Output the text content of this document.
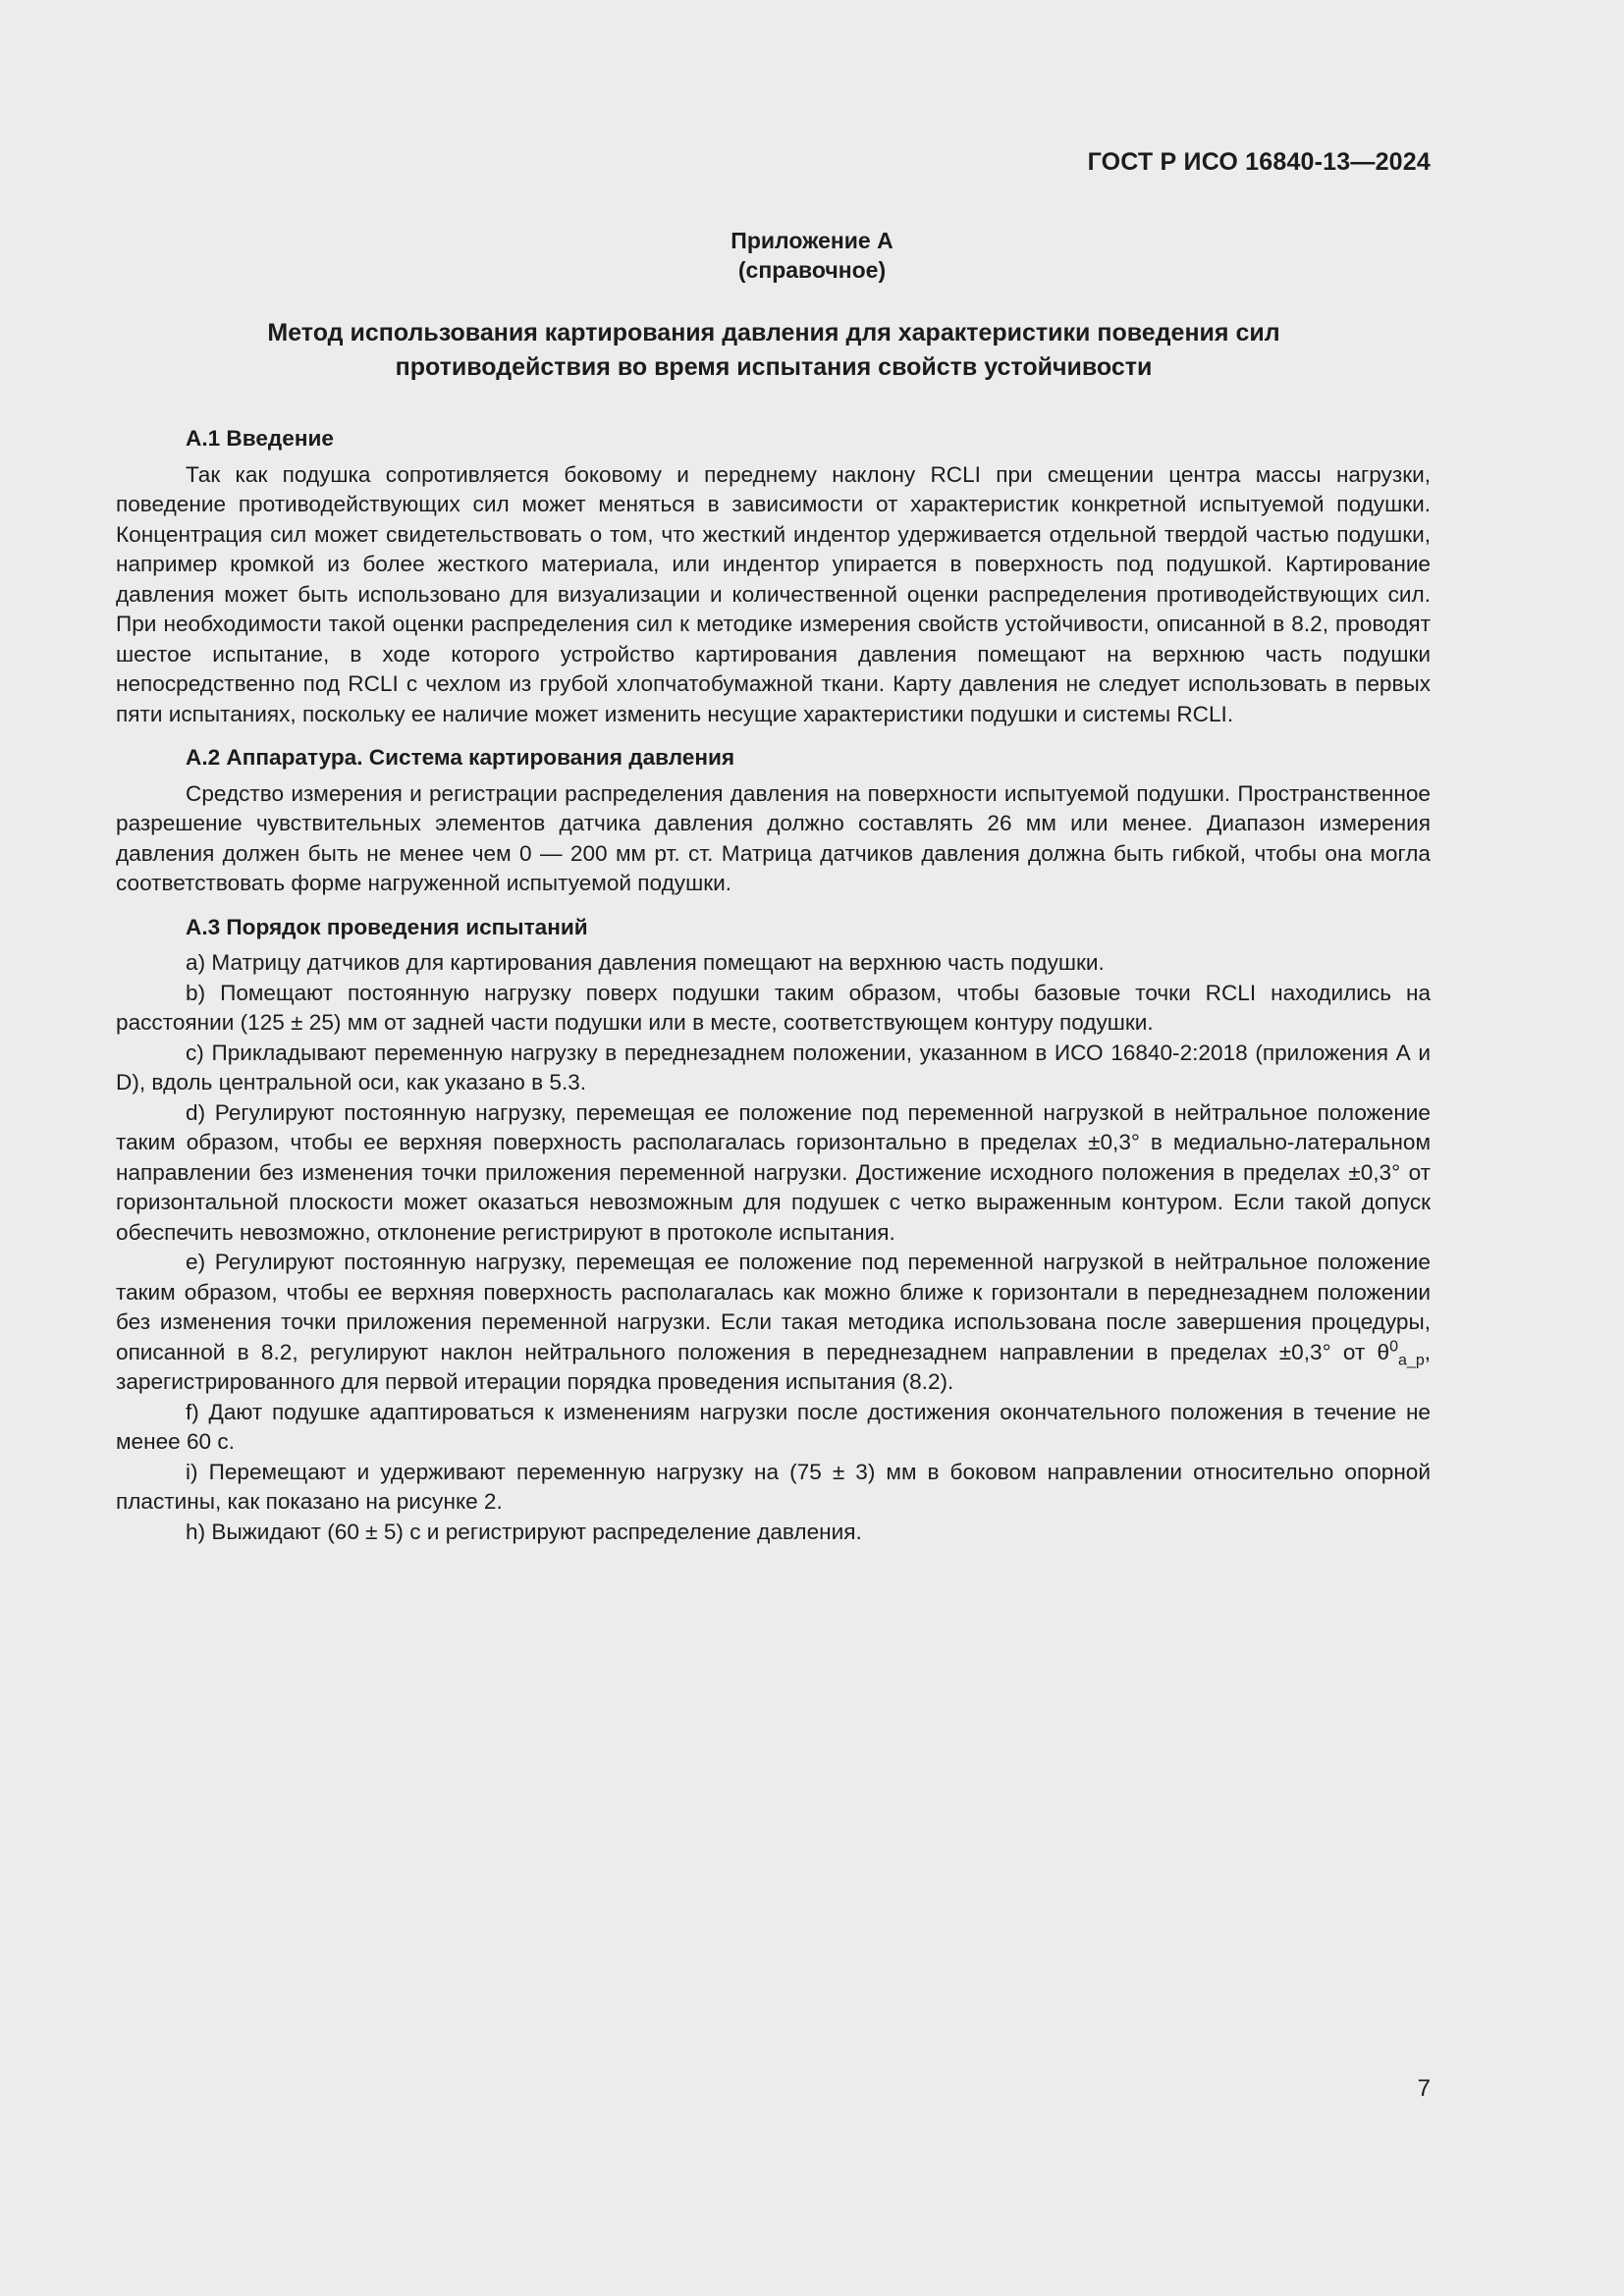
ГОСТ Р ИСО 16840-13—2024
Приложение А
(справочное)
Метод использования картирования давления для характеристики поведения сил
противодействия во время испытания свойств устойчивости
А.1 Введение

Так как подушка сопротивляется боковому и переднему наклону RCLI при смещении центра массы нагрузки, поведение противодействующих сил может меняться в зависимости от характеристик конкретной испытуемой подушки. Концентрация сил может свидетельствовать о том, что жесткий индентор удерживается отдельной твердой частью подушки, например кромкой из более жесткого материала, или индентор упирается в поверхность под подушкой. Картирование давления может быть использовано для визуализации и количественной оценки распределения противодействующих сил. При необходимости такой оценки распределения сил к методике измерения свойств устойчивости, описанной в 8.2, проводят шестое испытание, в ходе которого устройство картирования давления помещают на верхнюю часть подушки непосредственно под RCLI с чехлом из грубой хлопчатобумажной ткани. Карту давления не следует использовать в первых пяти испытаниях, поскольку ее наличие может изменить несущие характеристики подушки и системы RCLI.

А.2 Аппаратура. Система картирования давления

Средство измерения и регистрации распределения давления на поверхности испытуемой подушки. Пространственное разрешение чувствительных элементов датчика давления должно составлять 26 мм или менее. Диапазон измерения давления должен быть не менее чем 0 — 200 мм рт. ст. Матрица датчиков давления должна быть гибкой, чтобы она могла соответствовать форме нагруженной испытуемой подушки.

А.3 Порядок проведения испытаний

a) Матрицу датчиков для картирования давления помещают на верхнюю часть подушки.

b) Помещают постоянную нагрузку поверх подушки таким образом, чтобы базовые точки RCLI находились на расстоянии (125 ± 25) мм от задней части подушки или в месте, соответствующем контуру подушки.

c) Прикладывают переменную нагрузку в переднезаднем положении, указанном в ИСО 16840-2:2018 (приложения А и D), вдоль центральной оси, как указано в 5.3.

d) Регулируют постоянную нагрузку, перемещая ее положение под переменной нагрузкой в нейтральное положение таким образом, чтобы ее верхняя поверхность располагалась горизонтально в пределах ±0,3° в медиально-латеральном направлении без изменения точки приложения переменной нагрузки. Достижение исходного положения в пределах ±0,3° от горизонтальной плоскости может оказаться невозможным для подушек с четко выраженным контуром. Если такой допуск обеспечить невозможно, отклонение регистрируют в протоколе испытания.

e) Регулируют постоянную нагрузку, перемещая ее положение под переменной нагрузкой в нейтральное положение таким образом, чтобы ее верхняя поверхность располагалась как можно ближе к горизонтали в переднезаднем положении без изменения точки приложения переменной нагрузки. Если такая методика использована после завершения процедуры, описанной в 8.2, регулируют наклон нейтрального положения в переднезаднем направлении в пределах ±0,3° от $\theta^0_{a\_p}$, зарегистрированного для первой итерации порядка проведения испытания (8.2).

f) Дают подушке адаптироваться к изменениям нагрузки после достижения окончательного положения в течение не менее 60 с.

i) Перемещают и удерживают переменную нагрузку на (75 ± 3) мм в боковом направлении относительно опорной пластины, как показано на рисунке 2.

h) Выжидают (60 ± 5) с и регистрируют распределение давления.

7
